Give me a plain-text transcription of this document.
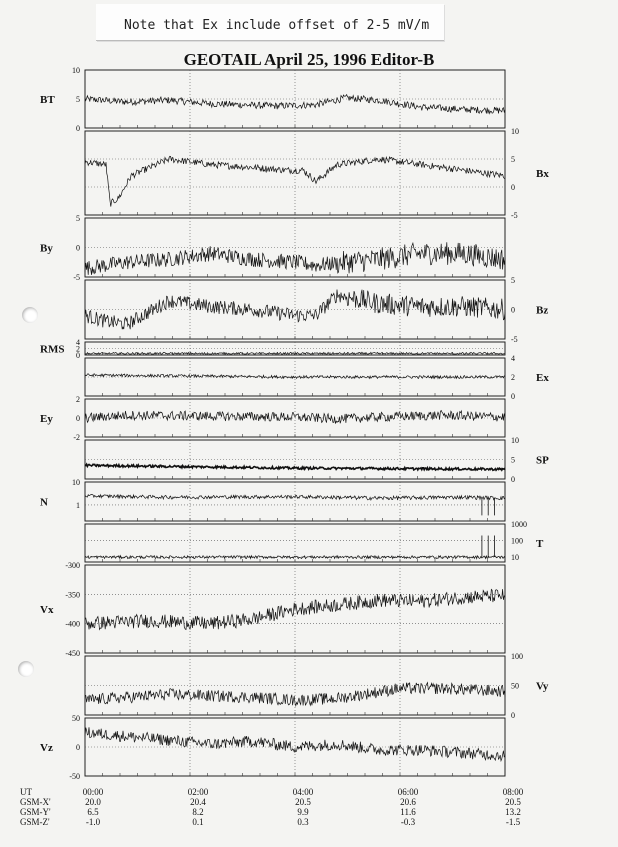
Note that Ex include offset of 2-5 mV/m
GEOTAIL April 25, 1996 Editor-B
10
5
0
BT
10
5
0
-5
Bx
5
0
-5
By
5
0
-5
Bz
4
2
0
RMS
4
2
0
Ex
2
0
-2
Ey
10
5
0
SP
10
1
N
1000
100
10
T
-300
-350
-400
-450
Vx
100
50
0
Vy
50
0
-50
Vz
UT
GSM-X'
GSM-Y'
GSM-Z'
00:00
20.0
6.5
-1.0
02:00
20.4
8.2
0.1
04:00
20.5
9.9
0.3
06:00
20.6
11.6
-0.3
08:00
20.5
13.2
-1.5
